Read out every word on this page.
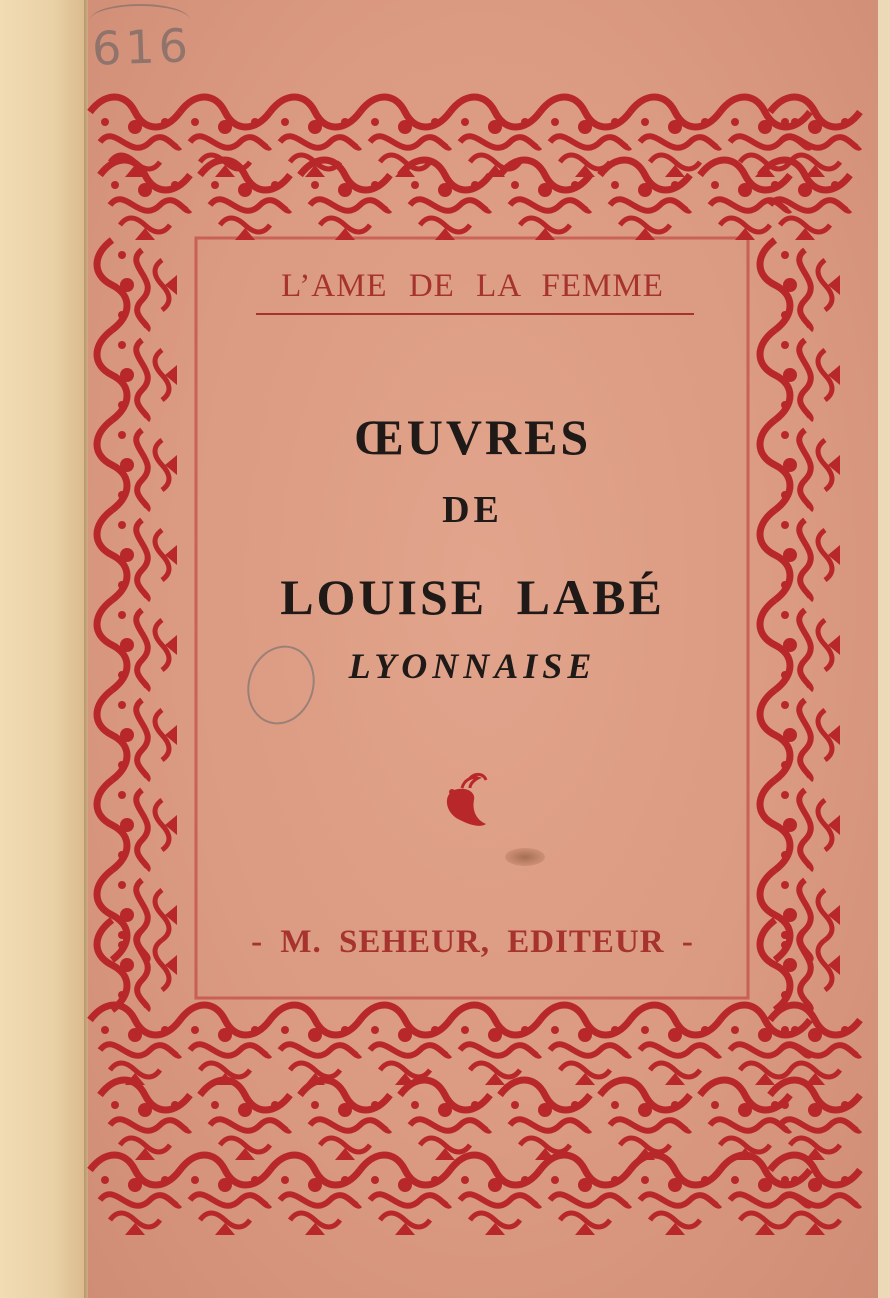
616
L’AME DE LA FEMME
ŒUVRES
DE
LOUISE LABÉ
LYONNAISE
- M. SEHEUR, EDITEUR -
